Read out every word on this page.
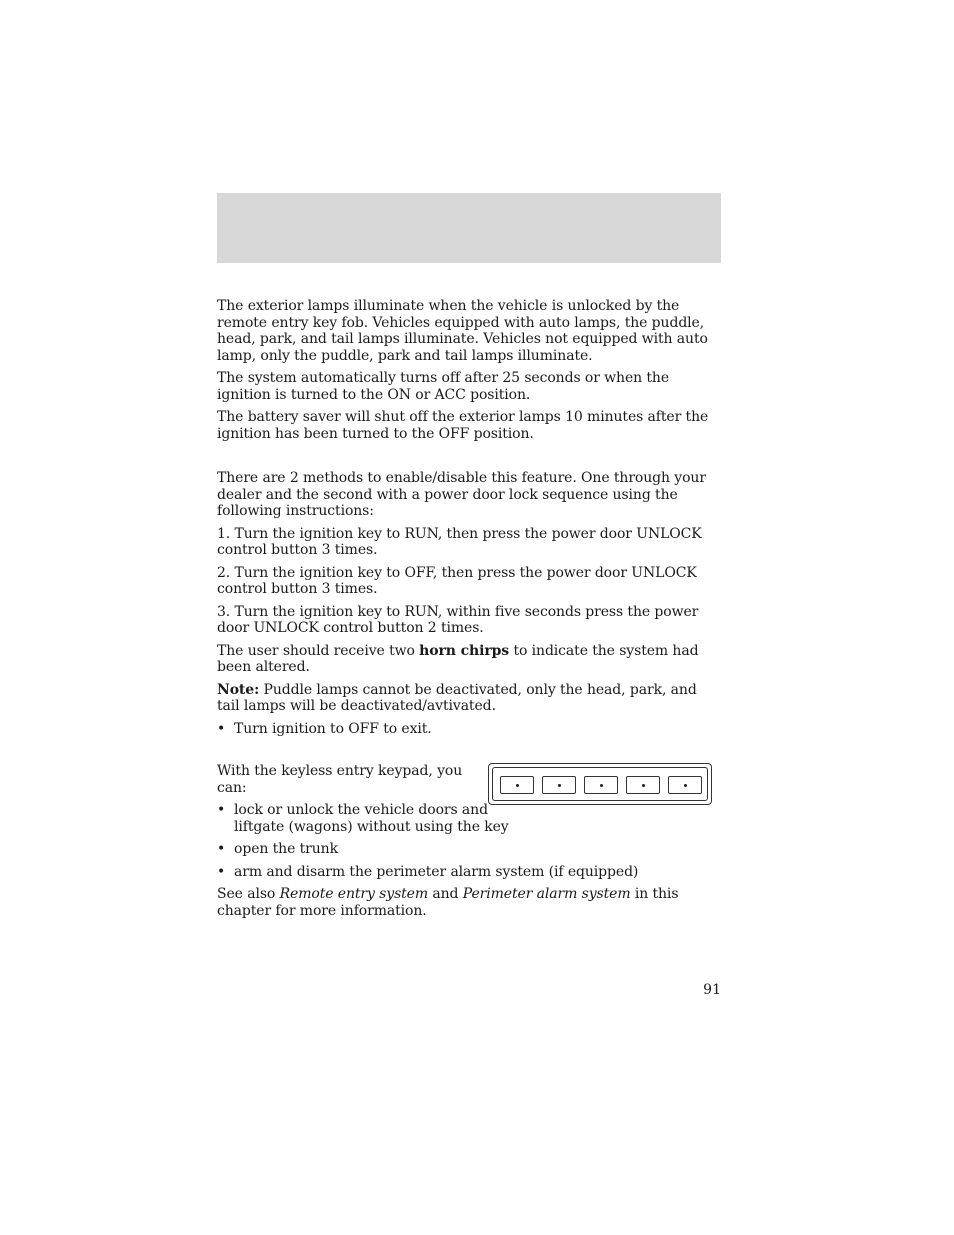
The exterior lamps illuminate when the vehicle is unlocked by the remote entry key fob. Vehicles equipped with auto lamps, the puddle, head, park, and tail lamps illuminate. Vehicles not equipped with auto lamp, only the puddle, park and tail lamps illuminate.

The system automatically turns off after 25 seconds or when the ignition is turned to the ON or ACC position.

The battery saver will shut off the exterior lamps 10 minutes after the ignition has been turned to the OFF position.

There are 2 methods to enable/disable this feature. One through your dealer and the second with a power door lock sequence using the following instructions:

1. Turn the ignition key to RUN, then press the power door UNLOCK control button 3 times.

2. Turn the ignition key to OFF, then press the power door UNLOCK control button 3 times.

3. Turn the ignition key to RUN, within five seconds press the power door UNLOCK control button 2 times.

The user should receive two horn chirps to indicate the system had been altered.

Note: Puddle lamps cannot be deactivated, only the head, park, and tail lamps will be deactivated/avtivated.

• Turn ignition to OFF to exit.

With the keyless entry keypad, you can:

• lock or unlock the vehicle doors and liftgate (wagons) without using the key
• open the trunk
• arm and disarm the perimeter alarm system (if equipped)

See also Remote entry system and Perimeter alarm system in this chapter for more information.

91
